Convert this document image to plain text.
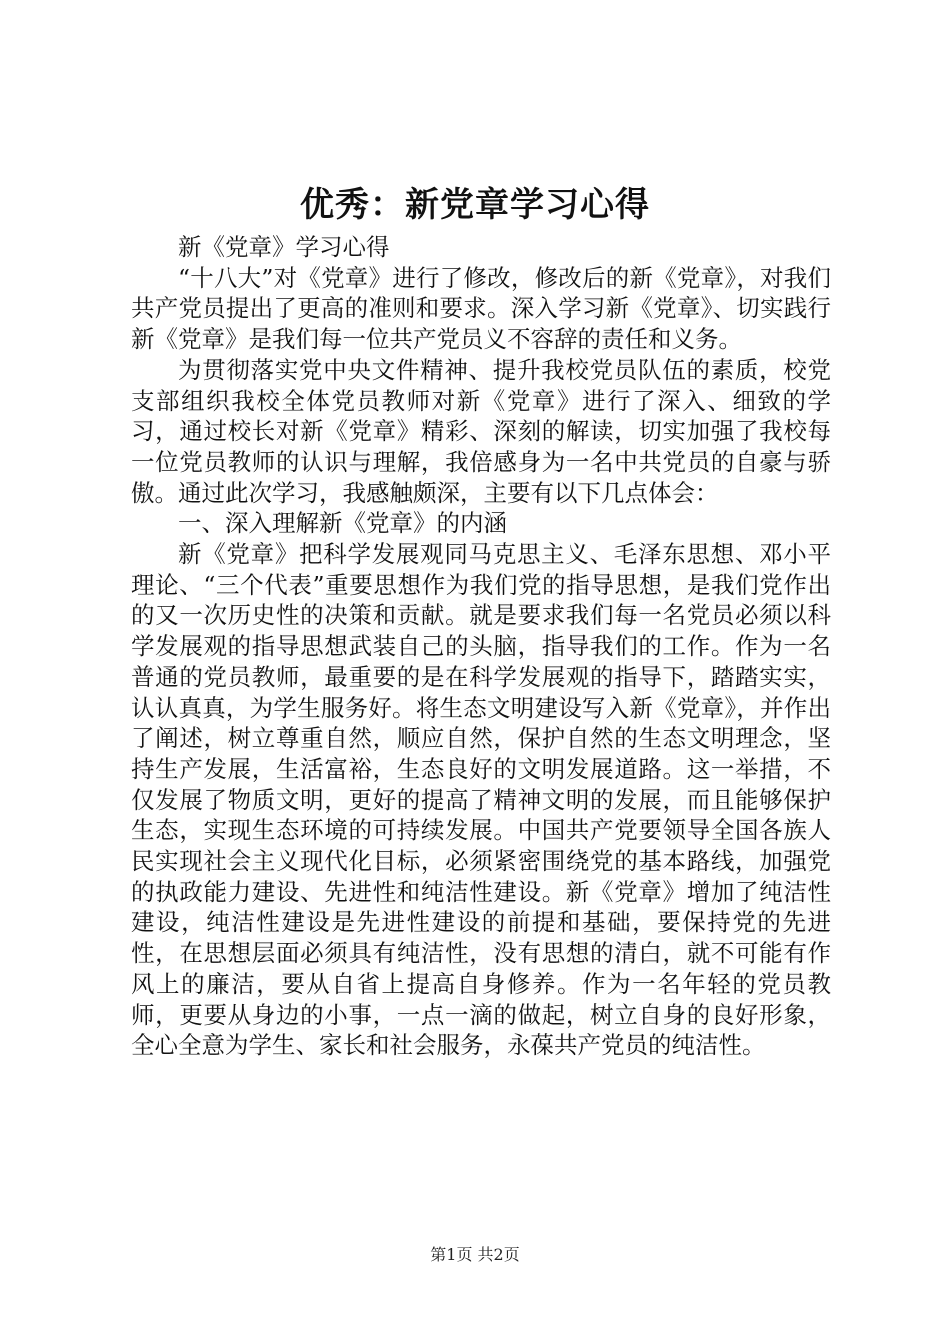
优秀：新党章学习心得

新《党章》学习心得

“十八大”对《党章》进行了修改，修改后的新《党章》，对我们共产党员提出了更高的准则和要求。深入学习新《党章》、切实践行新《党章》是我们每一位共产党员义不容辞的责任和义务。

为贯彻落实党中央文件精神、提升我校党员队伍的素质，校党支部组织我校全体党员教师对新《党章》进行了深入、细致的学习，通过校长对新《党章》精彩、深刻的解读，切实加强了我校每一位党员教师的认识与理解，我倍感身为一名中共党员的自豪与骄傲。通过此次学习，我感触颇深，主要有以下几点体会：

一、深入理解新《党章》的内涵

新《党章》把科学发展观同马克思主义、毛泽东思想、邓小平理论、“三个代表”重要思想作为我们党的指导思想，是我们党作出的又一次历史性的决策和贡献。就是要求我们每一名党员必须以科学发展观的指导思想武装自己的头脑，指导我们的工作。作为一名普通的党员教师，最重要的是在科学发展观的指导下，踏踏实实，认认真真，为学生服务好。将生态文明建设写入新《党章》，并作出了阐述，树立尊重自然，顺应自然，保护自然的生态文明理念，坚持生产发展，生活富裕，生态良好的文明发展道路。这一举措，不仅发展了物质文明，更好的提高了精神文明的发展，而且能够保护生态，实现生态环境的可持续发展。中国共产党要领导全国各族人民实现社会主义现代化目标，必须紧密围绕党的基本路线，加强党的执政能力建设、先进性和纯洁性建设。新《党章》增加了纯洁性建设，纯洁性建设是先进性建设的前提和基础，要保持党的先进性，在思想层面必须具有纯洁性，没有思想的清白，就不可能有作风上的廉洁，要从自省上提高自身修养。作为一名年轻的党员教师，更要从身边的小事，一点一滴的做起，树立自身的良好形象，全心全意为学生、家长和社会服务，永葆共产党员的纯洁性。

第1页 共2页
